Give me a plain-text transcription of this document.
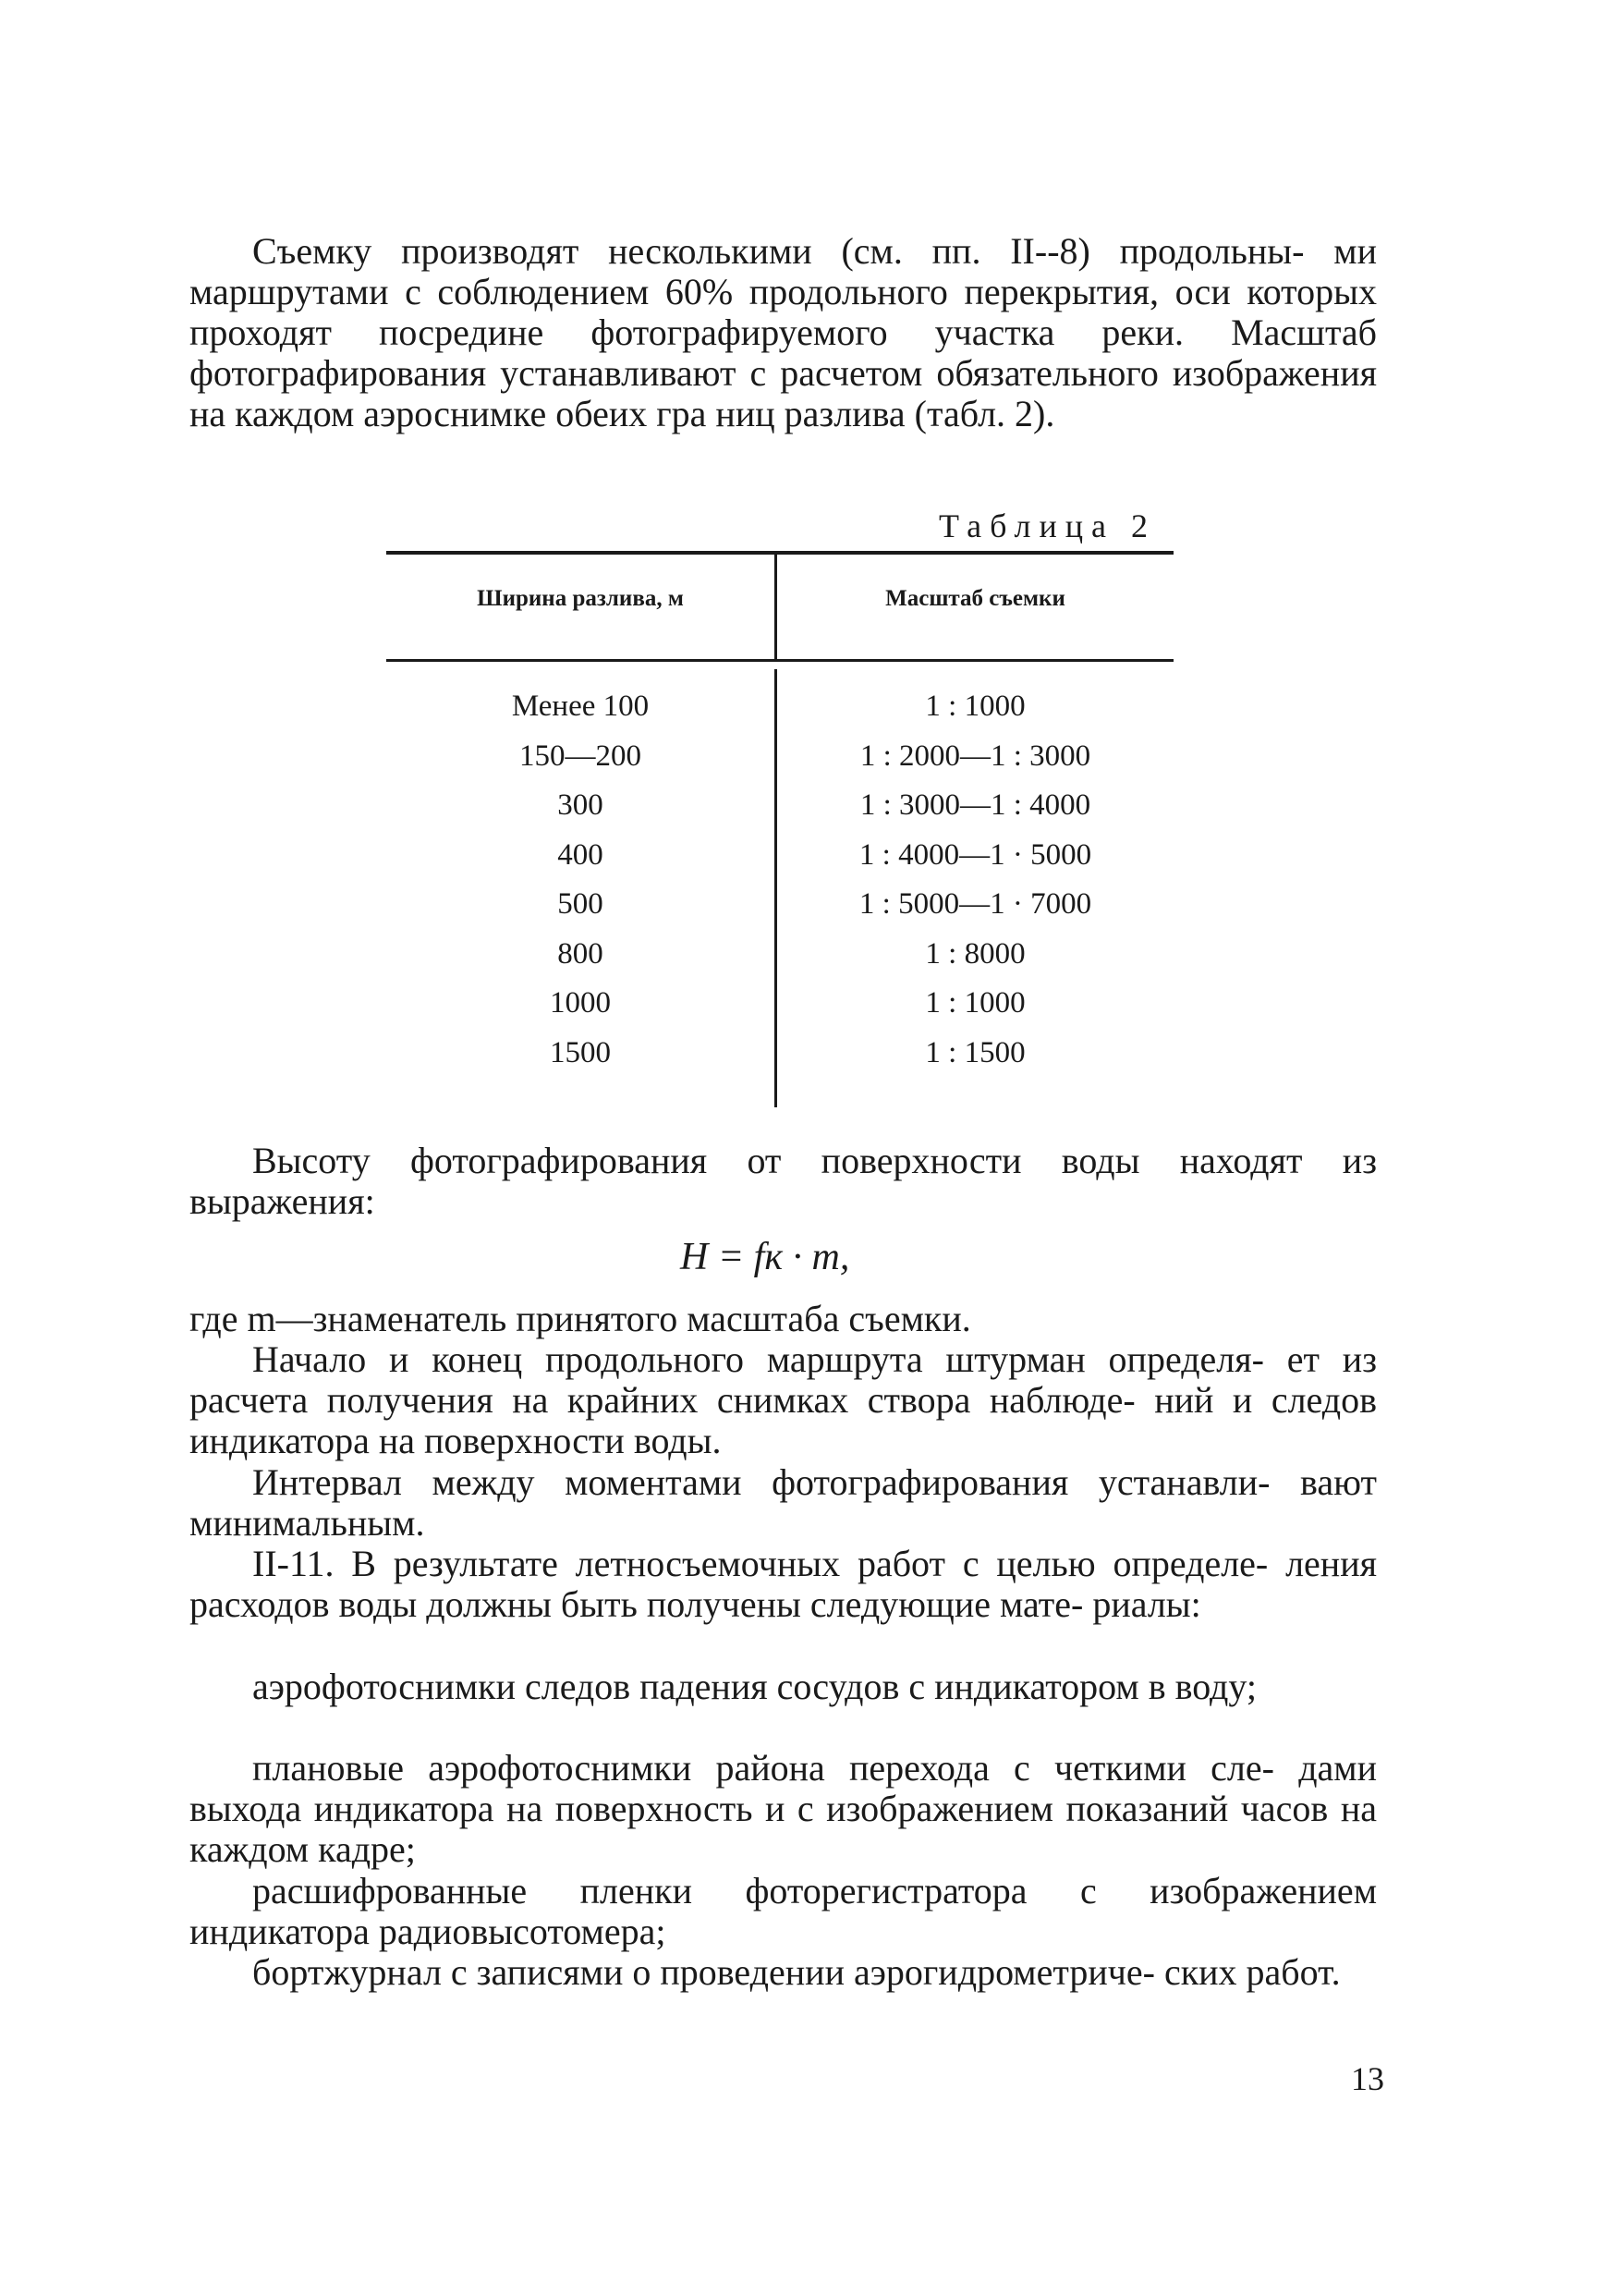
Съемку производят несколькими (см. пп. II--8) продольны- ми маршрутами с соблюдением 60% продольного перекрытия, оси которых проходят посредине фотографируемого участка реки. Масштаб фотографирования устанавливают с расчетом обязательного изображения на каждом аэроснимке обеих гра ниц разлива (табл. 2).
Таблица 2
Ширина разлива, м	Масштаб съемки
Менее 100	1 : 1000
150—200	1 : 2000—1 : 3000
300	1 : 3000—1 : 4000
400	1 : 4000—1 · 5000
500	1 : 5000—1 · 7000
800	1 : 8000
1000	1 : 1000
1500	1 : 1500
Высоту фотографирования от поверхности воды находят из выражения:
H = fк · m,
где m—знаменатель принятого масштаба съемки.
Начало и конец продольного маршрута штурман определя- ет из расчета получения на крайних снимках створа наблюде- ний и следов индикатора на поверхности воды.
Интервал между моментами фотографирования устанавли- вают минимальным.
II-11. В результате летносъемочных работ с целью определе- ления расходов воды должны быть получены следующие мате- риалы:
аэрофотоснимки следов падения сосудов с индикатором в воду;
плановые аэрофотоснимки района перехода с четкими сле- дами выхода индикатора на поверхность и с изображением показаний часов на каждом кадре;
расшифрованные пленки фоторегистратора с изображением индикатора радиовысотомера;
бортжурнал с записями о проведении аэрогидрометриче- ских работ.
13
